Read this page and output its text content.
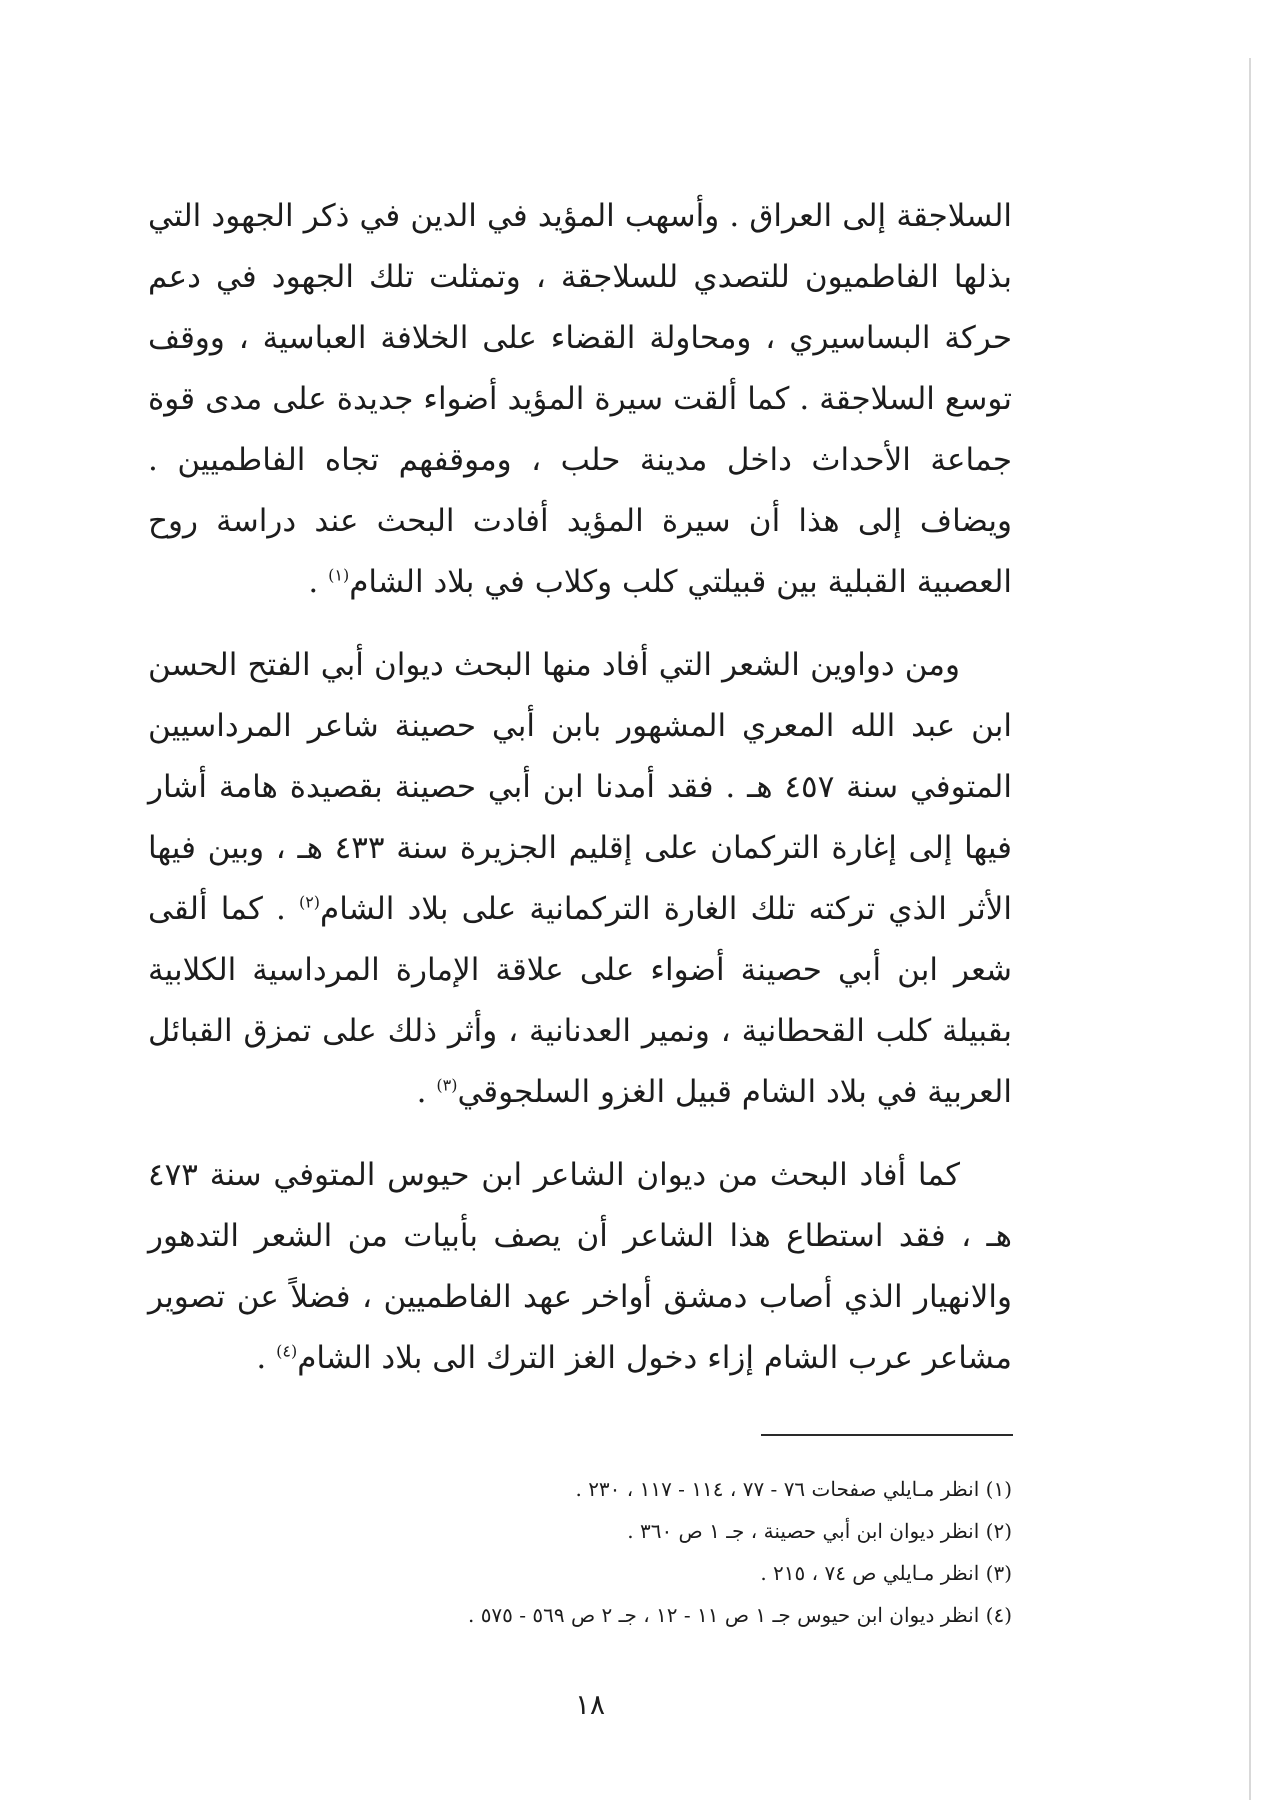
السلاجقة إلى العراق . وأسهب المؤيد في الدين في ذكر الجهود التي بذلها الفاطميون للتصدي للسلاجقة ، وتمثلت تلك الجهود في دعم حركة البساسيري ، ومحاولة القضاء على الخلافة العباسية ، ووقف توسع السلاجقة . كما ألقت سيرة المؤيد أضواء جديدة على مدى قوة جماعة الأحداث داخل مدينة حلب ، وموقفهم تجاه الفاطميين . ويضاف إلى هذا أن سيرة المؤيد أفادت البحث عند دراسة روح العصبية القبلية بين قبيلتي كلب وكلاب في بلاد الشام$^{(١)}$ .

ومن دواوين الشعر التي أفاد منها البحث ديوان أبي الفتح الحسن ابن عبد الله المعري المشهور بابن أبي حصينة شاعر المرداسيين المتوفي سنة ٤٥٧ هـ . فقد أمدنا ابن أبي حصينة بقصيدة هامة أشار فيها إلى إغارة التركمان على إقليم الجزيرة سنة ٤٣٣ هـ ، وبين فيها الأثر الذي تركته تلك الغارة التركمانية على بلاد الشام$^{(٢)}$ . كما ألقى شعر ابن أبي حصينة أضواء على علاقة الإمارة المرداسية الكلابية بقبيلة كلب القحطانية ، ونمير العدنانية ، وأثر ذلك على تمزق القبائل العربية في بلاد الشام قبيل الغزو السلجوقي$^{(٣)}$ .

كما أفاد البحث من ديوان الشاعر ابن حيوس المتوفي سنة ٤٧٣ هـ ، فقد استطاع هذا الشاعر أن يصف بأبيات من الشعر التدهور والانهيار الذي أصاب دمشق أواخر عهد الفاطميين ، فضلاً عن تصوير مشاعر عرب الشام إزاء دخول الغز الترك الى بلاد الشام$^{(٤)}$ .

(١) انظر مـايلي صفحات ٧٦ - ٧٧ ، ١١٤ - ١١٧ ، ٢٣٠ .
(٢) انظر ديوان ابن أبي حصينة ، جـ ١ ص ٣٦٠ .
(٣) انظر مـايلي ص ٧٤ ، ٢١٥ .
(٤) انظر ديوان ابن حيوس جـ ١ ص ١١ - ١٢ ، جـ ٢ ص ٥٦٩ - ٥٧٥ .
١٨
